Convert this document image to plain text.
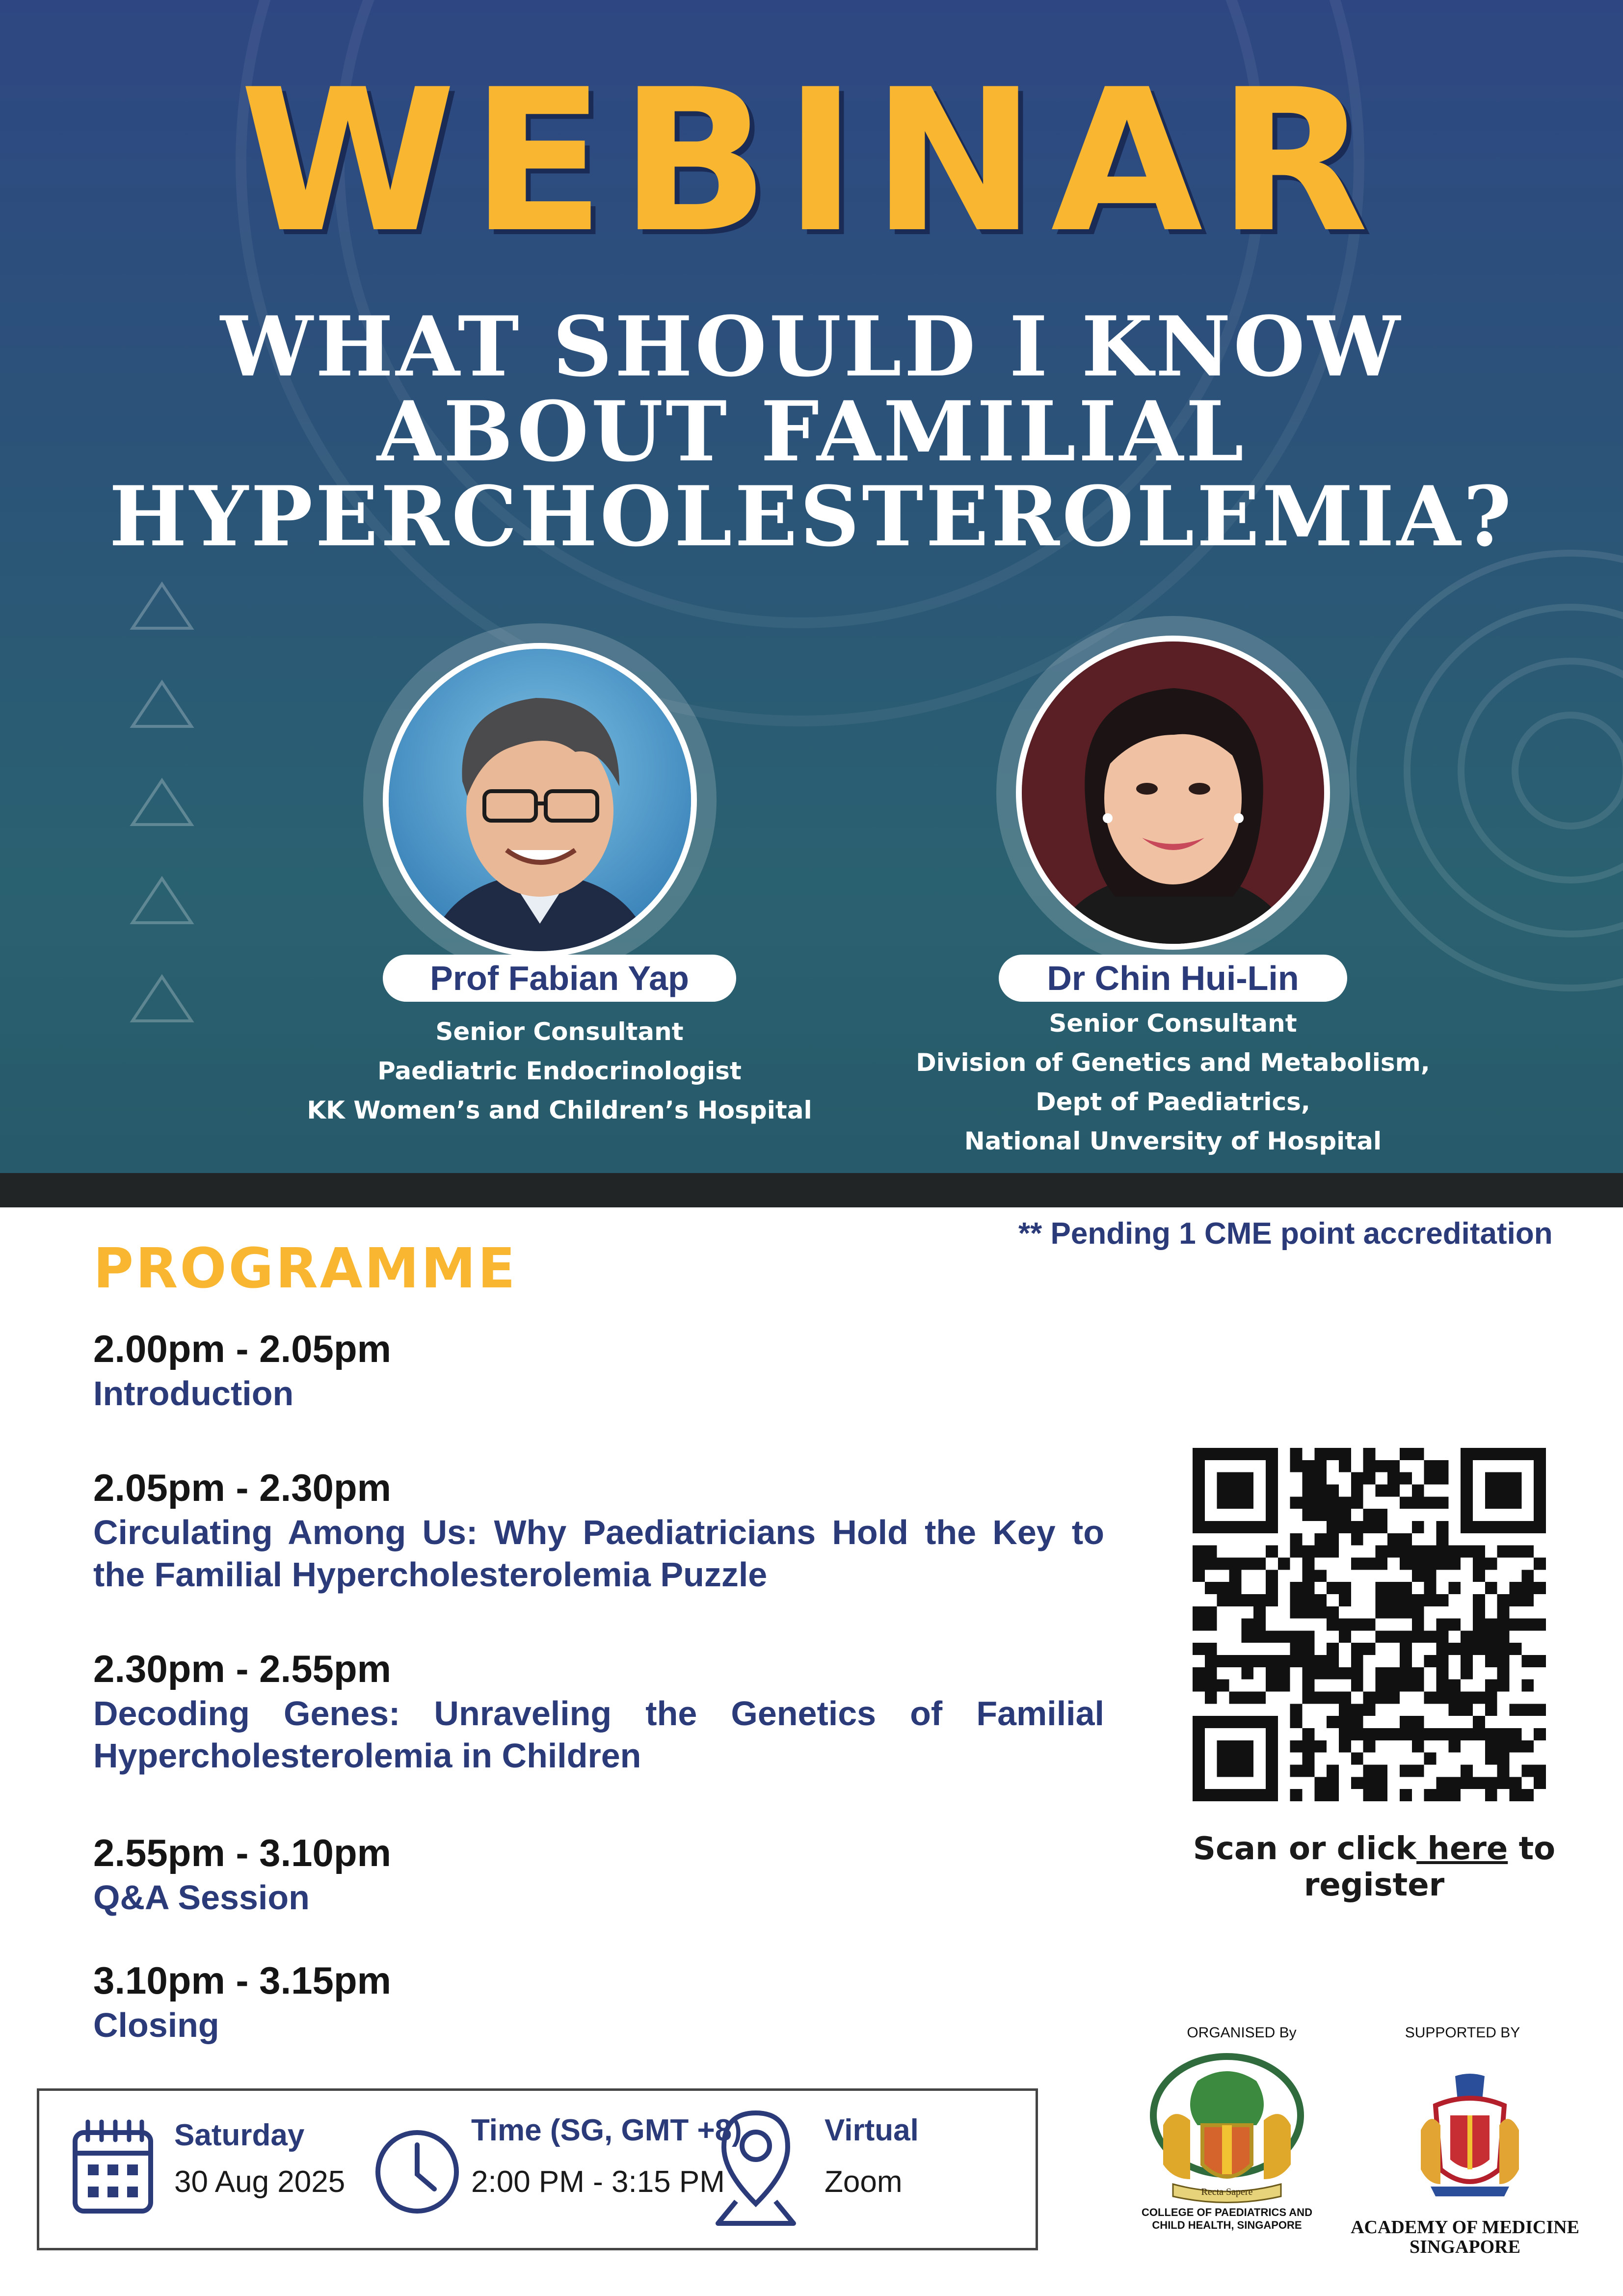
WEBINAR
WHAT SHOULD I KNOW
ABOUT FAMILIAL
HYPERCHOLESTEROLEMIA?
Prof Fabian Yap
Senior Consultant
Paediatric Endocrinologist
KK Women’s and Children’s Hospital
Dr Chin Hui-Lin
Senior Consultant
Division of Genetics and Metabolism,
Dept of Paediatrics,
National Unversity of Hospital
** Pending 1 CME point accreditation
PROGRAMME
2.00pm - 2.05pm
Introduction
2.05pm - 2.30pm
Circulating Among Us: Why Paediatricians Hold the Key to the Familial Hypercholesterolemia Puzzle
2.30pm - 2.55pm
Decoding Genes: Unraveling the Genetics of Familial Hypercholesterolemia in Children
2.55pm - 3.10pm
Q&A Session
3.10pm - 3.15pm
Closing
Scan or click here to register
ORGANISED By
Recta Sapere
COLLEGE OF PAEDIATRICS AND
CHILD HEALTH, SINGAPORE
SUPPORTED BY
ACADEMY OF MEDICINE
SINGAPORE
Saturday
30 Aug 2025
Time (SG, GMT +8)
2:00 PM - 3:15 PM
Virtual
Zoom
